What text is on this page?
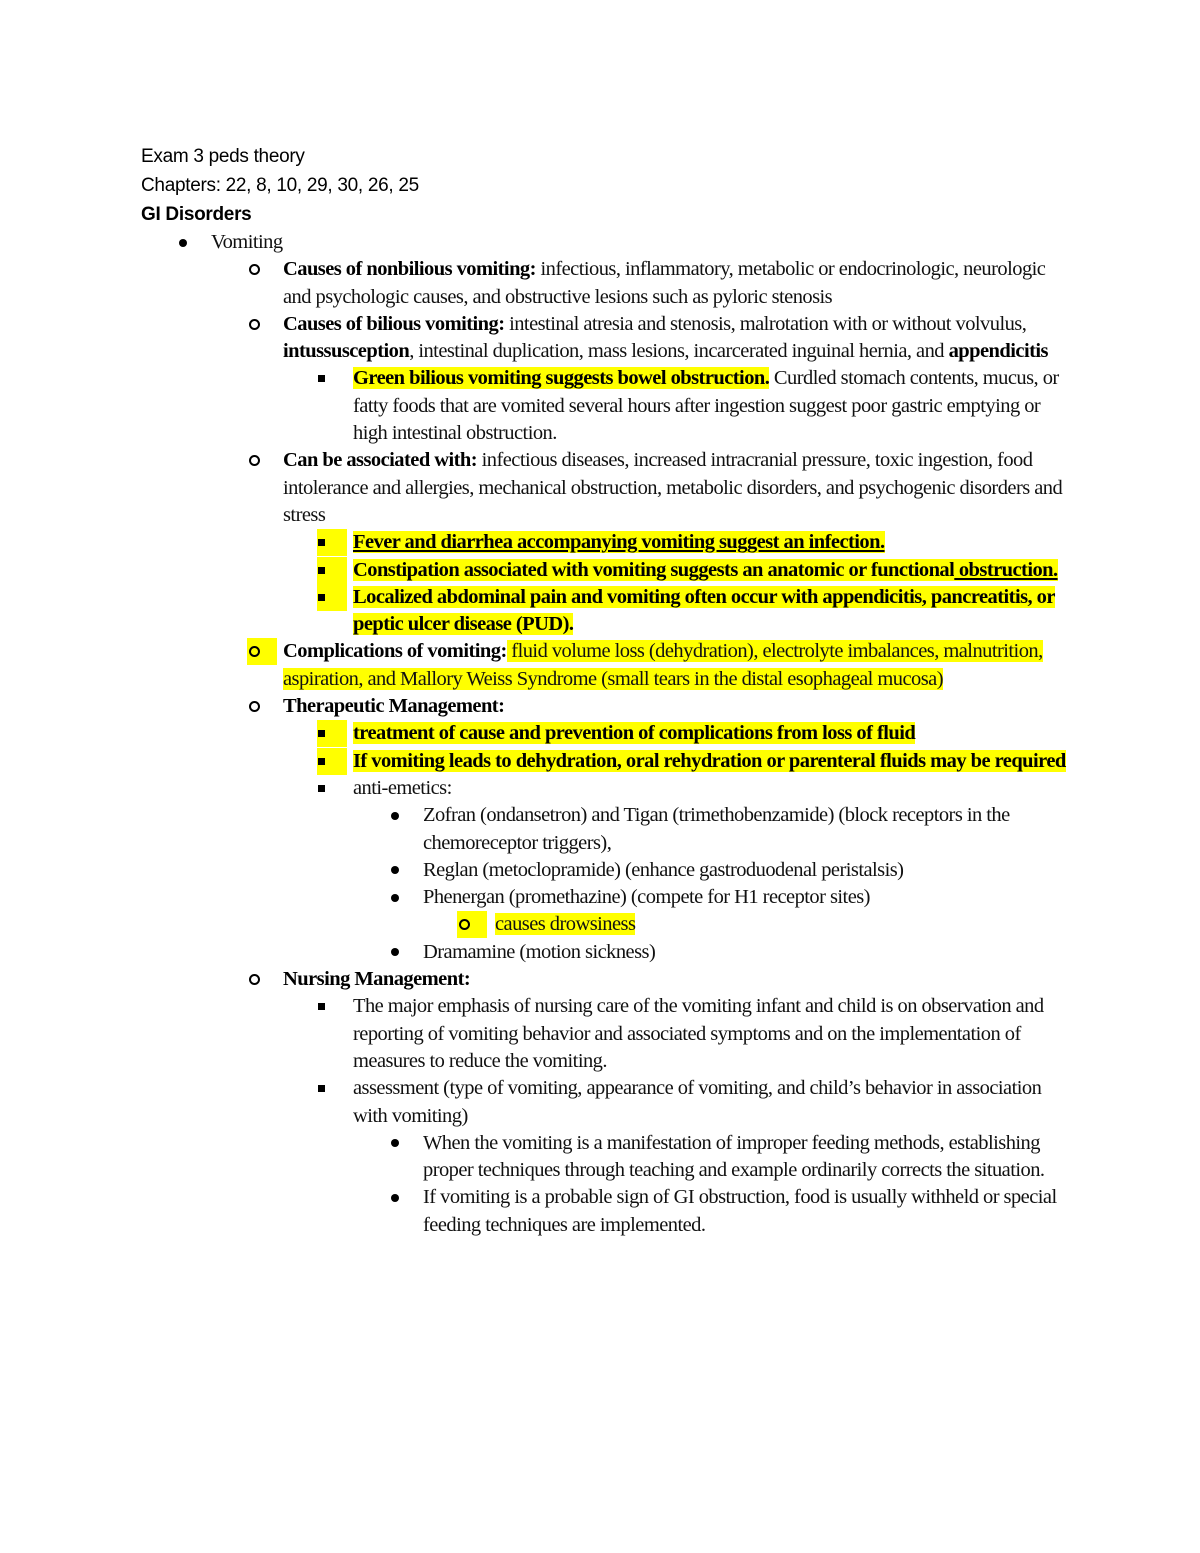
Exam 3 peds theory
Chapters: 22, 8, 10, 29, 30, 26, 25
GI Disorders
Vomiting
Causes of nonbilious vomiting: infectious, inflammatory, metabolic or endocrinologic, neurologic and psychologic causes, and obstructive lesions such as pyloric stenosis
Causes of bilious vomiting: intestinal atresia and stenosis, malrotation with or without volvulus, intussusception, intestinal duplication, mass lesions, incarcerated inguinal hernia, and appendicitis
Green bilious vomiting suggests bowel obstruction. Curdled stomach contents, mucus, or fatty foods that are vomited several hours after ingestion suggest poor gastric emptying or high intestinal obstruction.
Can be associated with: infectious diseases, increased intracranial pressure, toxic ingestion, food intolerance and allergies, mechanical obstruction, metabolic disorders, and psychogenic disorders and stress
Fever and diarrhea accompanying vomiting suggest an infection.
Constipation associated with vomiting suggests an anatomic or functional obstruction.
Localized abdominal pain and vomiting often occur with appendicitis, pancreatitis, or peptic ulcer disease (PUD).
Complications of vomiting: fluid volume loss (dehydration), electrolyte imbalances, malnutrition, aspiration, and Mallory Weiss Syndrome (small tears in the distal esophageal mucosa)
Therapeutic Management:
treatment of cause and prevention of complications from loss of fluid
If vomiting leads to dehydration, oral rehydration or parenteral fluids may be required
anti-emetics:
Zofran (ondansetron) and Tigan (trimethobenzamide) (block receptors in the chemoreceptor triggers),
Reglan (metoclopramide) (enhance gastroduodenal peristalsis)
Phenergan (promethazine) (compete for H1 receptor sites)
causes drowsiness
Dramamine (motion sickness)
Nursing Management:
The major emphasis of nursing care of the vomiting infant and child is on observation and reporting of vomiting behavior and associated symptoms and on the implementation of measures to reduce the vomiting.
assessment (type of vomiting, appearance of vomiting, and child’s behavior in association with vomiting)
When the vomiting is a manifestation of improper feeding methods, establishing proper techniques through teaching and example ordinarily corrects the situation.
If vomiting is a probable sign of GI obstruction, food is usually withheld or special feeding techniques are implemented.
